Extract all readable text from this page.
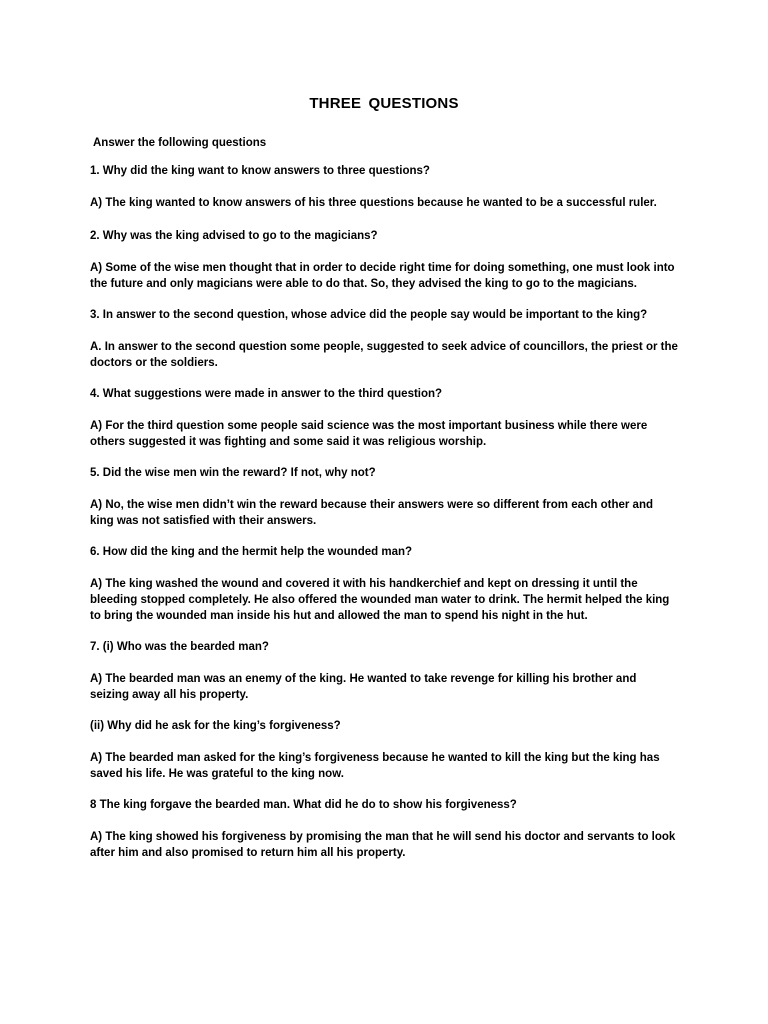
THREE QUESTIONS
Answer the following questions

1. Why did the king want to know answers to three questions?

A) The king wanted to know answers of his three questions because he wanted to be a successful ruler.

2. Why was the king advised to go to the magicians?

A) Some of the wise men thought that in order to decide right time for doing something, one must look into the future and only magicians were able to do that. So, they advised the king to go to the magicians.

3. In answer to the second question, whose advice did the people say would be important to the king?

A. In answer to the second question some people, suggested to seek advice of councillors, the priest or the doctors or the soldiers.

4. What suggestions were made in answer to the third question?

A) For the third question some people said science was the most important business while there were others suggested it was fighting and some said it was religious worship.

5. Did the wise men win the reward? If not, why not?

A) No, the wise men didn’t win the reward because their answers were so different from each other and king was not satisfied with their answers.

6. How did the king and the hermit help the wounded man?

A) The king washed the wound and covered it with his handkerchief and kept on dressing it until the bleeding stopped completely. He also offered the wounded man water to drink. The hermit helped the king to bring the wounded man inside his hut and allowed the man to spend his night in the hut.

7. (i) Who was the bearded man?

A) The bearded man was an enemy of the king. He wanted to take revenge for killing his brother and seizing away all his property.

(ii) Why did he ask for the king’s forgiveness?

A) The bearded man asked for the king’s forgiveness because he wanted to kill the king but the king has saved his life. He was grateful to the king now.

8 The king forgave the bearded man. What did he do to show his forgiveness?

A) The king showed his forgiveness by promising the man that he will send his doctor and servants to look after him and also promised to return him all his property.
